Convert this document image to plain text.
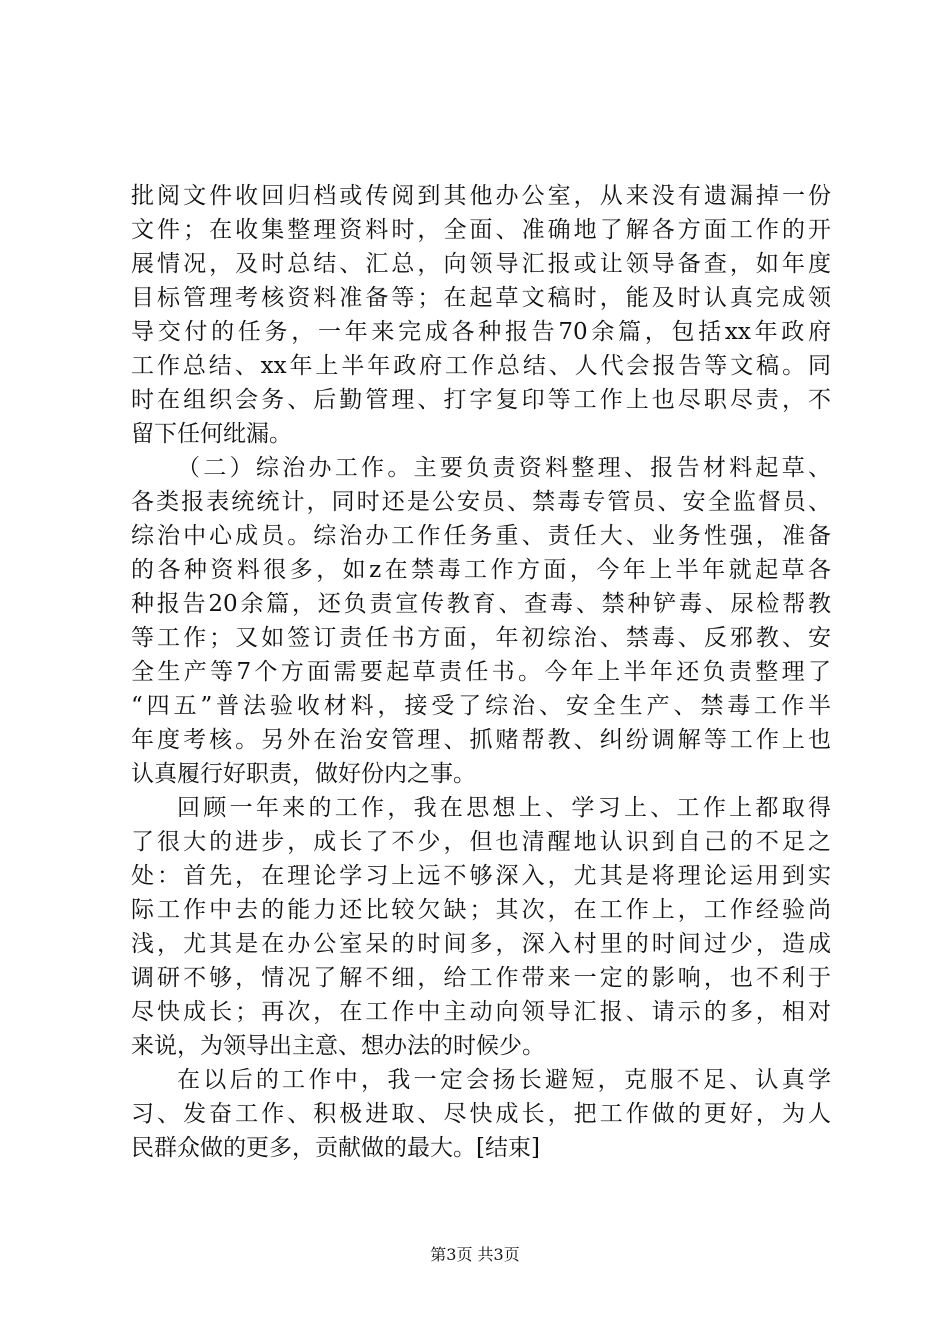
批阅文件收回归档或传阅到其他办公室，从来没有遗漏掉一份
文件；在收集整理资料时，全面、准确地了解各方面工作的开
展情况，及时总结、汇总，向领导汇报或让领导备查，如年度
目标管理考核资料准备等；在起草文稿时，能及时认真完成领
导交付的任务，一年来完成各种报告70余篇，包括xx年政府
工作总结、xx年上半年政府工作总结、人代会报告等文稿。同
时在组织会务、后勤管理、打字复印等工作上也尽职尽责，不
留下任何纰漏。
（二）综治办工作。主要负责资料整理、报告材料起草、
各类报表统统计，同时还是公安员、禁毒专管员、安全监督员、
综治中心成员。综治办工作任务重、责任大、业务性强，准备
的各种资料很多，如z在禁毒工作方面，今年上半年就起草各
种报告20余篇，还负责宣传教育、查毒、禁种铲毒、尿检帮教
等工作；又如签订责任书方面，年初综治、禁毒、反邪教、安
全生产等7个方面需要起草责任书。今年上半年还负责整理了
“四五”普法验收材料，接受了综治、安全生产、禁毒工作半
年度考核。另外在治安管理、抓赌帮教、纠纷调解等工作上也
认真履行好职责，做好份内之事。
回顾一年来的工作，我在思想上、学习上、工作上都取得
了很大的进步，成长了不少，但也清醒地认识到自己的不足之
处：首先，在理论学习上远不够深入，尤其是将理论运用到实
际工作中去的能力还比较欠缺；其次，在工作上，工作经验尚
浅，尤其是在办公室呆的时间多，深入村里的时间过少，造成
调研不够，情况了解不细，给工作带来一定的影响，也不利于
尽快成长；再次，在工作中主动向领导汇报、请示的多，相对
来说，为领导出主意、想办法的时候少。
在以后的工作中，我一定会扬长避短，克服不足、认真学
习、发奋工作、积极进取、尽快成长，把工作做的更好，为人
民群众做的更多，贡献做的最大。[结束]
第3页 共3页
